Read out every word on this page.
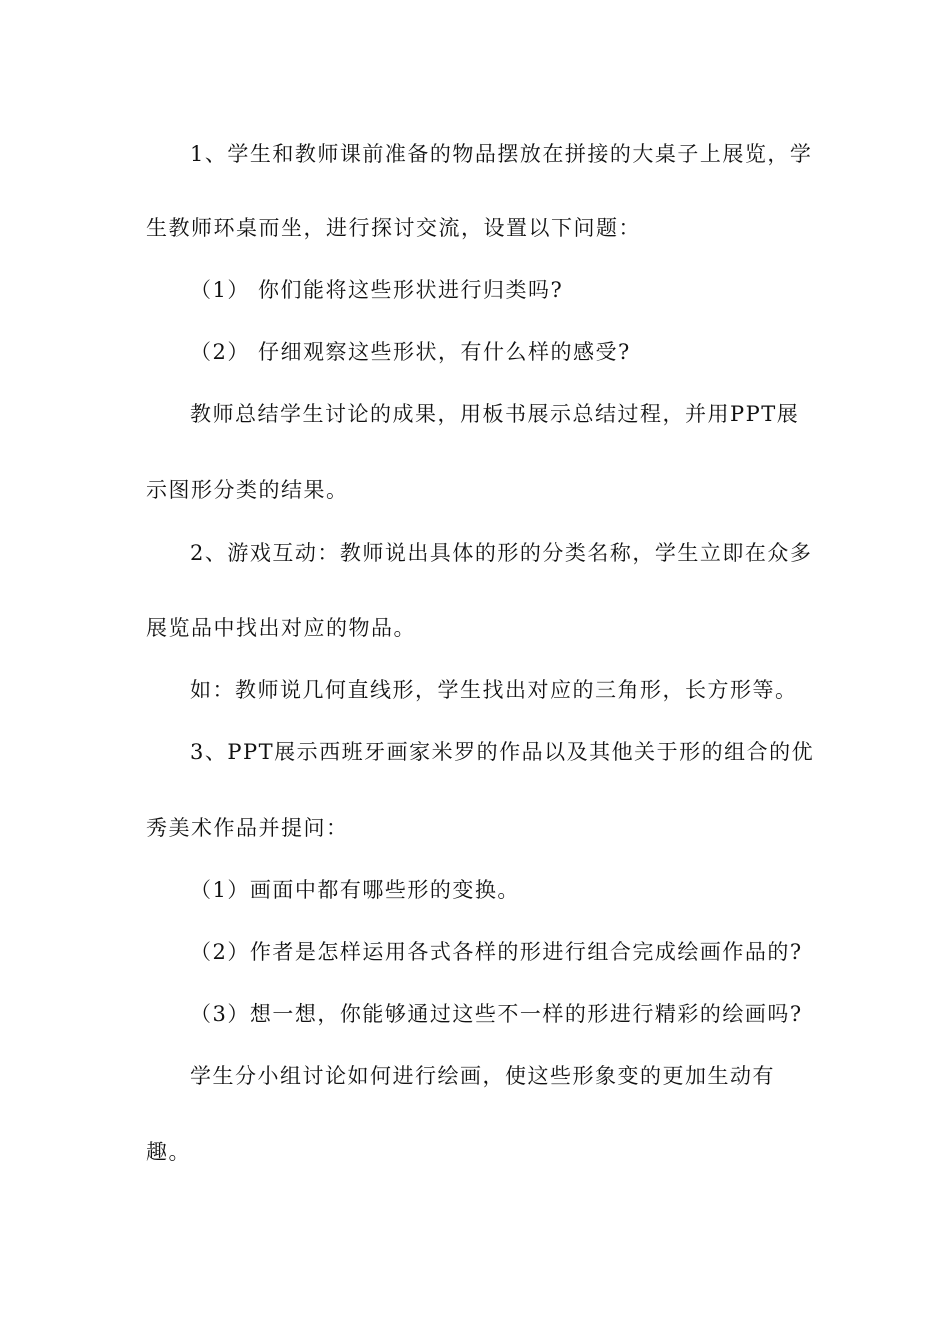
1、学生和教师课前准备的物品摆放在拼接的大桌子上展览，学
生教师环桌而坐，进行探讨交流，设置以下问题：
（1） 你们能将这些形状进行归类吗?
（2） 仔细观察这些形状，有什么样的感受?
教师总结学生讨论的成果，用板书展示总结过程，并用PPT展
示图形分类的结果。
2、游戏互动：教师说出具体的形的分类名称，学生立即在众多
展览品中找出对应的物品。
如：教师说几何直线形，学生找出对应的三角形，长方形等。
3、PPT展示西班牙画家米罗的作品以及其他关于形的组合的优
秀美术作品并提问：
（1）画面中都有哪些形的变换。
（2）作者是怎样运用各式各样的形进行组合完成绘画作品的?
（3）想一想，你能够通过这些不一样的形进行精彩的绘画吗?
学生分小组讨论如何进行绘画，使这些形象变的更加生动有
趣。
